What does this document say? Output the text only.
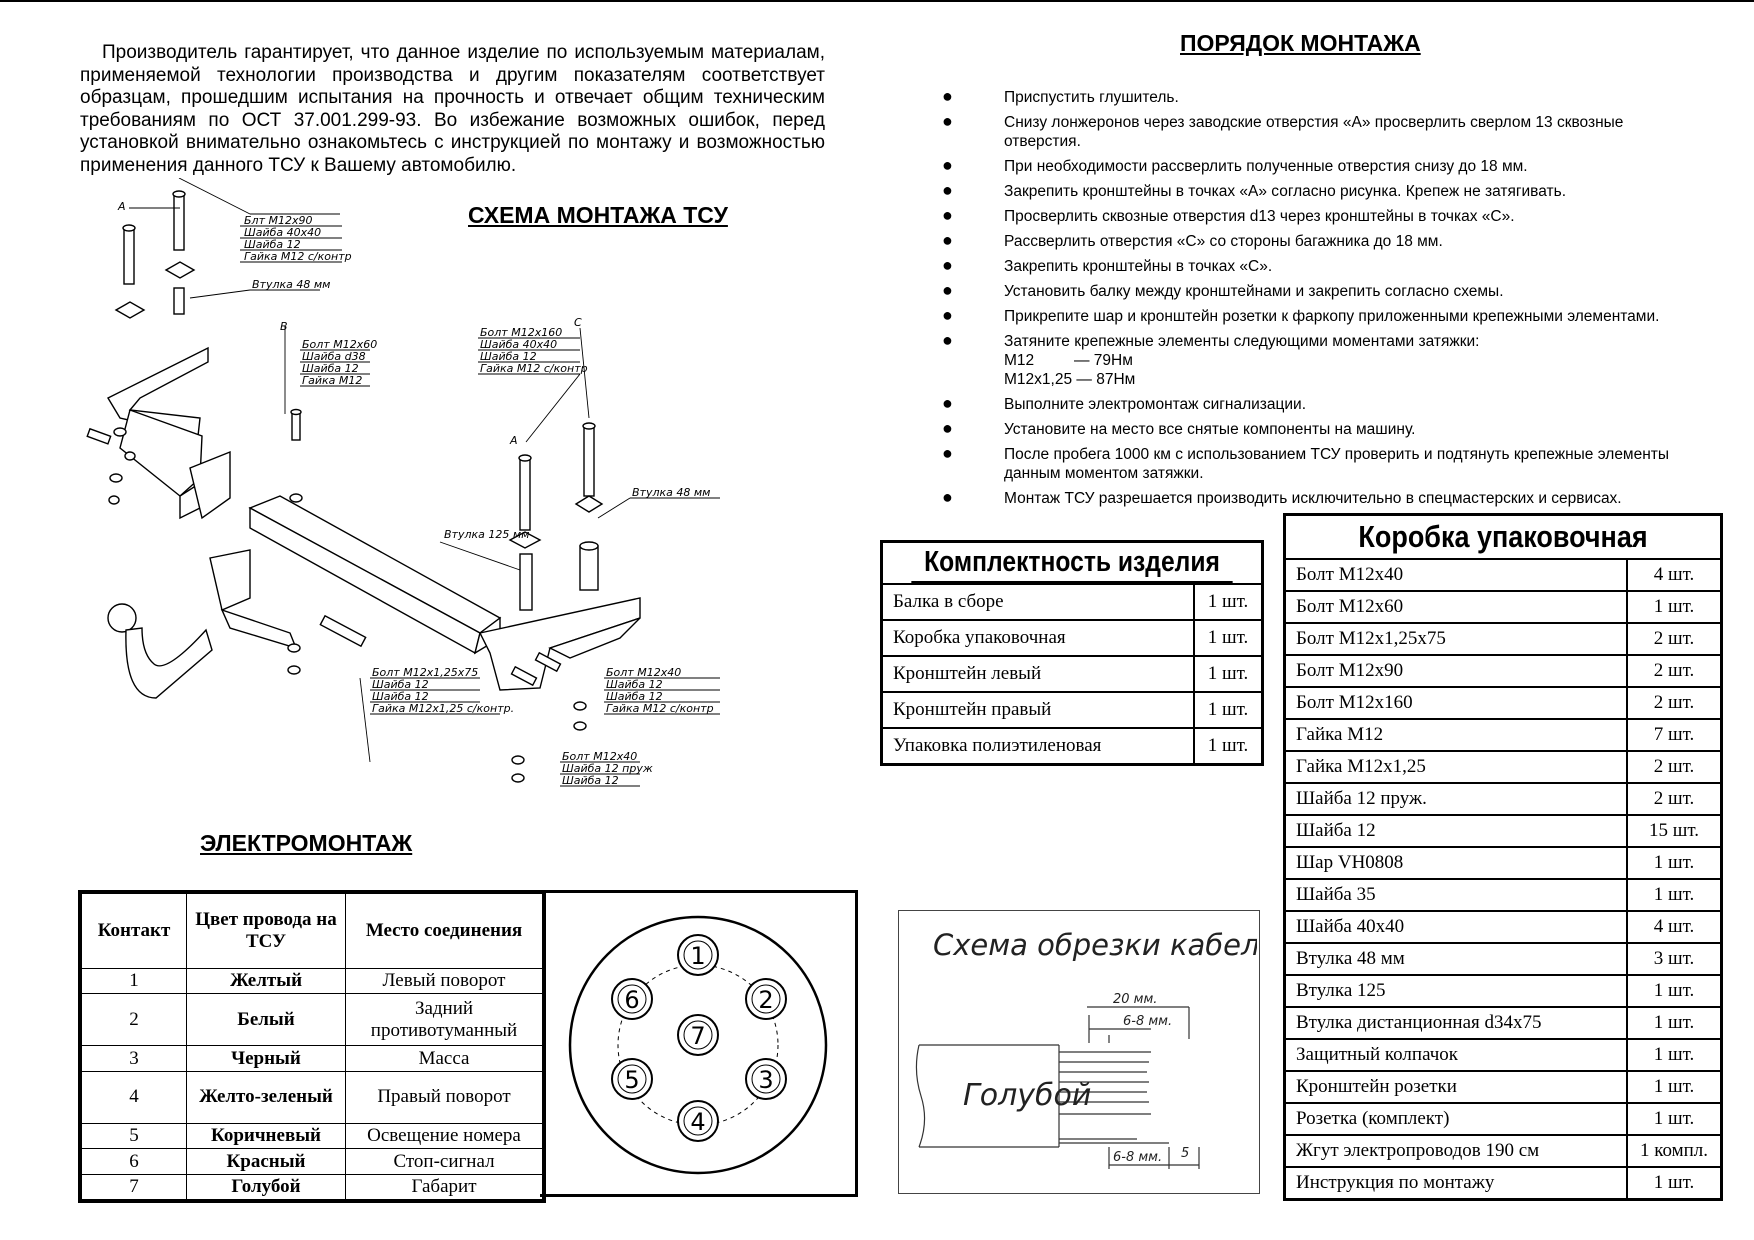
Производитель гарантирует, что данное изделие по используемым материалам, применяемой технологии производства и другим показателям соответствует образцам, прошедшим испытания на прочность и отвечает общим техническим требованиям по ОСТ 37.001.299-93. Во избежание возможных ошибок, перед установкой внимательно ознакомьтесь с инструкцией по монтажу и возможностью применения данного ТСУ к Вашему автомобилю.
СХЕМА МОНТАЖА ТСУ
A
B
A
C
Блт М12х90
Шайба 40х40
Шайба 12
Гайка М12 с/контр
Втулка 48 мм
Болт М12х60
Шайба d38
Шайба 12
Гайка М12
Болт М12х160
Шайба 40х40
Шайба 12
Гайка М12 с/контр
Втулка 48 мм
Втулка 125 мм
Болт М12х1,25х75
Шайба 12
Шайба 12
Гайка М12х1,25 с/контр.
Болт М12х40
Шайба 12
Шайба 12
Гайка М12 с/контр
Болт М12х40
Шайба 12 пруж
Шайба 12
ЭЛЕКТРОМОНТАЖ
Контакт	Цвет провода на ТСУ	Место соединения
1	Желтый	Левый поворот
2	Белый	Задний противотуманный
3	Черный	Масса
4	Желто-зеленый	Правый поворот
5	Коричневый	Освещение номера
6	Красный	Стоп-сигнал
7	Голубой	Габарит
1
2
3
4
5
6
7
ПОРЯДОК МОНТАЖА
●	Приспустить глушитель.
●	Снизу лонжеронов через заводские отверстия «А» просверлить сверлом 13 сквозные отверстия.
●	При необходимости рассверлить полученные отверстия снизу до 18 мм.
●	Закрепить кронштейны в точках «А» согласно рисунка. Крепеж не затягивать.
●	Просверлить сквозные отверстия d13 через кронштейны в точках «С».
●	Рассверлить отверстия «С» со стороны багажника до 18 мм.
●	Закрепить кронштейны в точках «С».
●	Установить балку между кронштейнами и закрепить согласно схемы.
●	Прикрепите шар и кронштейн розетки к фаркопу приложенными крепежными элементами.
●	Затяните крепежные элементы следующими моментами затяжки:
М12	— 79Нм
М12х1,25 — 87Нм
●	Выполните электромонтаж сигнализации.
●	Установите на место все снятые компоненты на машину.
●	После пробега 1000 км с использованием ТСУ проверить и подтянуть крепежные элементы данным моментом затяжки.
●	Монтаж ТСУ разрешается производить исключительно в спецмастерских и сервисах.
Комплектность изделия
Балка в сборе	1 шт.
Коробка упаковочная	1 шт.
Кронштейн левый	1 шт.
Кронштейн правый	1 шт.
Упаковка полиэтиленовая	1 шт.
Коробка упаковочная
Болт М12х40	4 шт.
Болт М12х60	1 шт.
Болт М12х1,25х75	2 шт.
Болт М12х90	2 шт.
Болт М12х160	2 шт.
Гайка М12	7 шт.
Гайка М12х1,25	2 шт.
Шайба 12 пруж.	2 шт.
Шайба 12	15 шт.
Шар VH0808	1 шт.
Шайба 35	1 шт.
Шайба 40х40	4 шт.
Втулка 48 мм	3 шт.
Втулка 125	1 шт.
Втулка дистанционная d34х75	1 шт.
Защитный колпачок	1 шт.
Кронштейн розетки	1 шт.
Розетка (комплект)	1 шт.
Жгут электропроводов 190 см	1 компл.
Инструкция по монтажу	1 шт.
Схема обрезки кабеля
20 мм.
6-8 мм.
Голубой
6-8 мм. 5
